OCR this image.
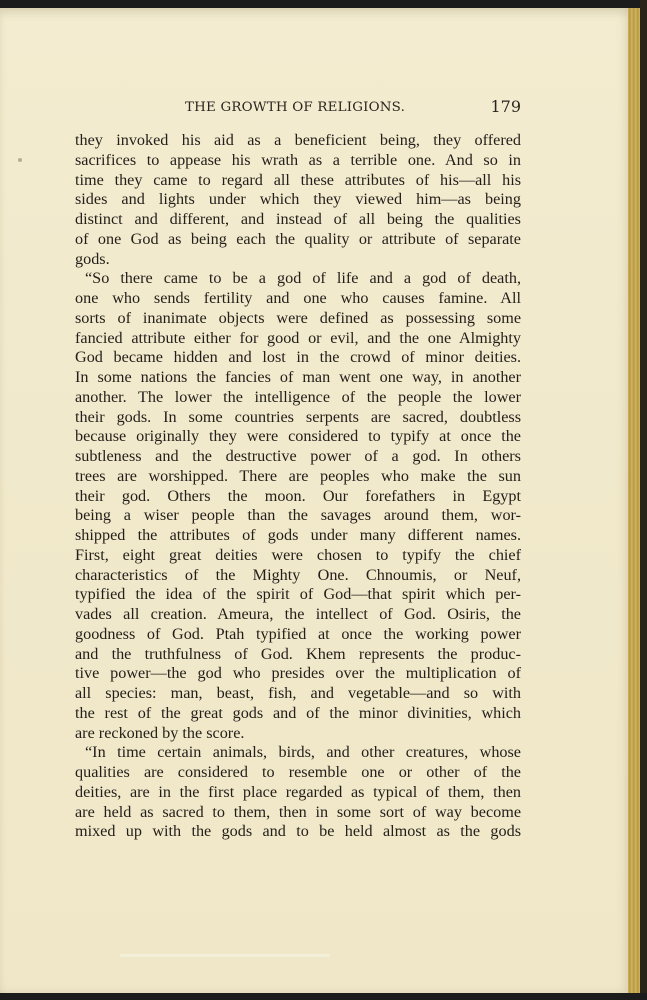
THE GROWTH OF RELIGIONS.	179
they invoked his aid as a beneficient being, they offered
sacrifices to appease his wrath as a terrible one. And so in
time they came to regard all these attributes of his—all his
sides and lights under which they viewed him—as being
distinct and different, and instead of all being the qualities
of one God as being each the quality or attribute of separate
gods.
“So there came to be a god of life and a god of death,
one who sends fertility and one who causes famine. All
sorts of inanimate objects were defined as possessing some
fancied attribute either for good or evil, and the one Almighty
God became hidden and lost in the crowd of minor deities.
In some nations the fancies of man went one way, in another
another. The lower the intelligence of the people the lower
their gods. In some countries serpents are sacred, doubtless
because originally they were considered to typify at once the
subtleness and the destructive power of a god. In others
trees are worshipped. There are peoples who make the sun
their god. Others the moon. Our forefathers in Egypt
being a wiser people than the savages around them, wor-
shipped the attributes of gods under many different names.
First, eight great deities were chosen to typify the chief
characteristics of the Mighty One. Chnoumis, or Neuf,
typified the idea of the spirit of God—that spirit which per-
vades all creation. Ameura, the intellect of God. Osiris, the
goodness of God. Ptah typified at once the working power
and the truthfulness of God. Khem represents the produc-
tive power—the god who presides over the multiplication of
all species: man, beast, fish, and vegetable—and so with
the rest of the great gods and of the minor divinities, which
are reckoned by the score.
“In time certain animals, birds, and other creatures, whose
qualities are considered to resemble one or other of the
deities, are in the first place regarded as typical of them, then
are held as sacred to them, then in some sort of way become
mixed up with the gods and to be held almost as the gods
